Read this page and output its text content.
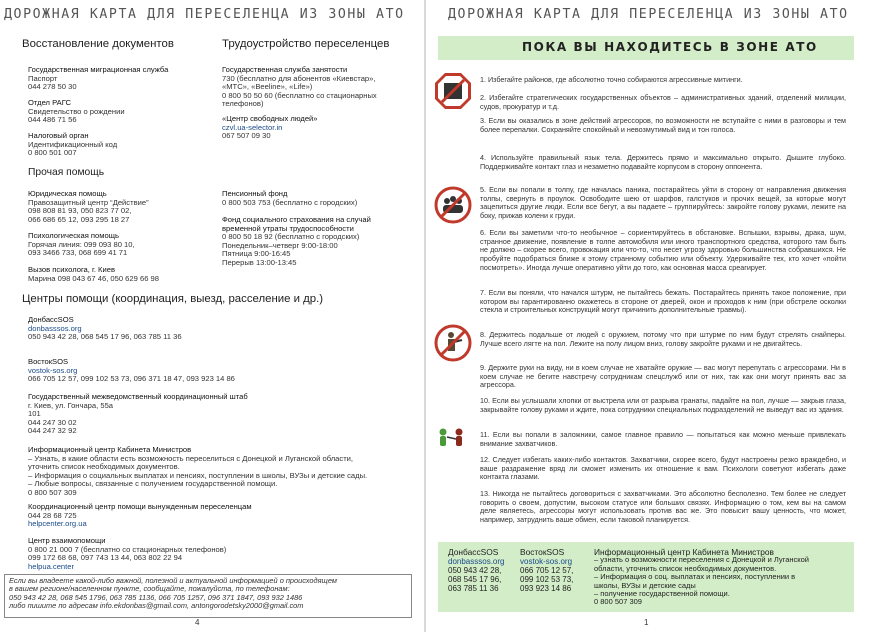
ДОРОЖНАЯ КАРТА ДЛЯ ПЕРЕСЕЛЕНЦА ИЗ ЗОНЫ АТО
Восстановление документов	Трудоустройство переселенцев
Государственная миграционная служба
Паспорт
044 278 50 30
Отдел РАГС
Свидетельство о рождении
044 486 71 56
Налоговый орган
Идентификационный код
0 800 501 007
Государственная служба занятости
730 (бесплатно для абонентов «Киевстар»,
«МТС», «Beeline», «Life»)
0 800 50 50 60 (бесплатно со стационарных
телефонов)
«Центр свободных людей»
czvl.ua-selector.in
067 507 09 30
Прочая помощь
Юридическая помощь
Правозащитный центр “Действие”
098 808 81 93, 050 823 77 02,
066 686 65 12, 093 295 18 27
Пенсионный фонд
0 800 503 753 (бесплатно с городских)
Психологическая помощь
Горячая линия: 099 093 80 10,
093 3466 733, 068 699 41 71
Фонд социального страхования на случай
временной утраты трудоспособности
0 800 50 18 92 (бесплатно с городских)
Понедельник–четверг 9:00-18:00
Пятница 9:00-16:45
Перерыв 13:00-13:45
Вызов психолога, г. Киев
Марина 098 043 67 46, 050 629 66 98
Центры помощи (координация, выезд, расселение и др.)
ДонбассSOS
donbasssos.org
050 943 42 28, 068 545 17 96, 063 785 11 36
ВостокSOS
vostok-sos.org
066 705 12 57, 099 102 53 73, 096 371 18 47, 093 923 14 86
Государственный межведомственный координационный штаб
г. Киев, ул. Гончара, 55а
101
044 247 30 02
044 247 32 92
Информационный центр Кабинета Министров
– Узнать, в какие области есть возможность переселиться с Донецкой и Луганской области,
уточнить список необходимых документов.
– Информация о социальных выплатах и пенсиях, поступлении в школы, ВУЗы и детские сады.
– Любые вопросы, связанные с получением государственной помощи.
0 800 507 309
Координационный центр помощи вынужденным переселенцам
044 28 68 725
helpcenter.org.ua
Центр взаимопомощи
0 800 21 000 7 (бесплатно со стационарных телефонов)
099 172 68 68, 097 743 13 44, 063 802 22 94
helpua.center
Если вы владеете какой-либо важной, полезной и актуальной информацией о происходящем
в вашем регионе/населенном пункте, сообщайте, пожалуйста, по телефонам:
050 943 42 28, 068 545 1796, 063 785 1136, 066 705 1257, 096 371 1847, 093 932 1486
либо пишите по адресам info.ekdonbas@gmail.com, antongorodetsky2000@gmail.com
4
ДОРОЖНАЯ КАРТА ДЛЯ ПЕРЕСЕЛЕНЦА ИЗ ЗОНЫ АТО
ПОКА ВЫ НАХОДИТЕСЬ В ЗОНЕ АТО
1. Избегайте районов, где абсолютно точно собираются агрессивные митинги.
2. Избегайте стратегических государственных объектов – административных зданий, отделений милиции, судов, прокуратур и т.д.
3. Если вы оказались в зоне действий агрессоров, по возможности не вступайте с ними в разговоры и тем более перепалки. Сохраняйте спокойный и невозмутимый вид и тон голоса.
4. Используйте правильный язык тела. Держитесь прямо и максимально открыто. Дышите глубоко. Поддерживайте контакт глаз и незаметно подавайте корпусом в сторону оппонента.
5. Если вы попали в толпу, где началась паника, постарайтесь уйти в сторону от направления движения толпы, свернуть в проулок. Освободите шею от шарфов, галстуков и прочих вещей, за которые могут зацепиться другие люди. Если все бегут, а вы падаете – группируйтесь: закройте голову руками, лежите на боку, прижав колени к груди.
6. Если вы заметили что-то необычное – сориентируйтесь в обстановке. Вспышки, взрывы, драка, шум, странное движение, появление в толпе автомобиля или иного транспортного средства, которого там быть не должно – скорее всего, провокация или что-то, что несет угрозу здоровью большинства собравшихся. Не пробуйте подобраться ближе к этому странному событию или объекту. Удерживайте тех, кто хочет «пойти посмотреть». Иногда лучше оперативно уйти до того, как основная масса среагирует.
7. Если вы поняли, что начался штурм, не пытайтесь бежать. Постарайтесь принять такое положение, при котором вы гарантированно окажетесь в стороне от дверей, окон и проходов к ним (при обстреле осколки стекла и строительных конструкций могут причинить дополнительные травмы).
8. Держитесь подальше от людей с оружием, потому что при штурме по ним будут стрелять снайперы. Лучше всего лягте на пол. Лежите на полу лицом вниз, голову закройте руками и не двигайтесь.
9. Держите руки на виду, ни в коем случае не хватайте оружие — вас могут перепутать с агрессорами. Ни в коем случае не бегите навстречу сотрудникам спецслужб или от них, так как они могут принять вас за агрессора.
10. Если вы услышали хлопки от выстрела или от разрыва гранаты, падайте на пол, лучше — закрыв глаза, закрывайте голову руками и ждите, пока сотрудники специальных подразделений не выведут вас из здания.
11. Если вы попали в заложники, самое главное правило — попытаться как можно меньше привлекать внимание захватчиков.
12. Следует избегать каких-либо контактов. Захватчики, скорее всего, будут настроены резко враждебно, и ваше раздражение вряд ли сможет изменить их отношение к вам. Психологи советуют избегать даже контакта глазами.
13. Никогда не пытайтесь договориться с захватчиками. Это абсолютно бесполезно. Тем более не следует говорить о своем, допустим, высоком статусе или больших связях. Информацию о том, кем вы на самом деле являетесь, агрессоры могут использовать против вас же. Это повысит вашу ценность, что может, например, затруднить ваше обмен, если таковой планируется.
ДонбассSOS
donbasssos.org
050 943 42 28,
068 545 17 96,
063 785 11 36
ВостокSOS
vostok-sos.org
066 705 12 57,
099 102 53 73,
093 923 14 86
Информационный центр Кабинета Министров
– узнать о возможности переселения с Донецкой и Луганской
области, уточнить список необходимых документов.
– Информация о соц. выплатах и пенсиях, поступлении в
школы, ВУЗы и детские сады
– получение государственной помощи.
0 800 507 309
1
